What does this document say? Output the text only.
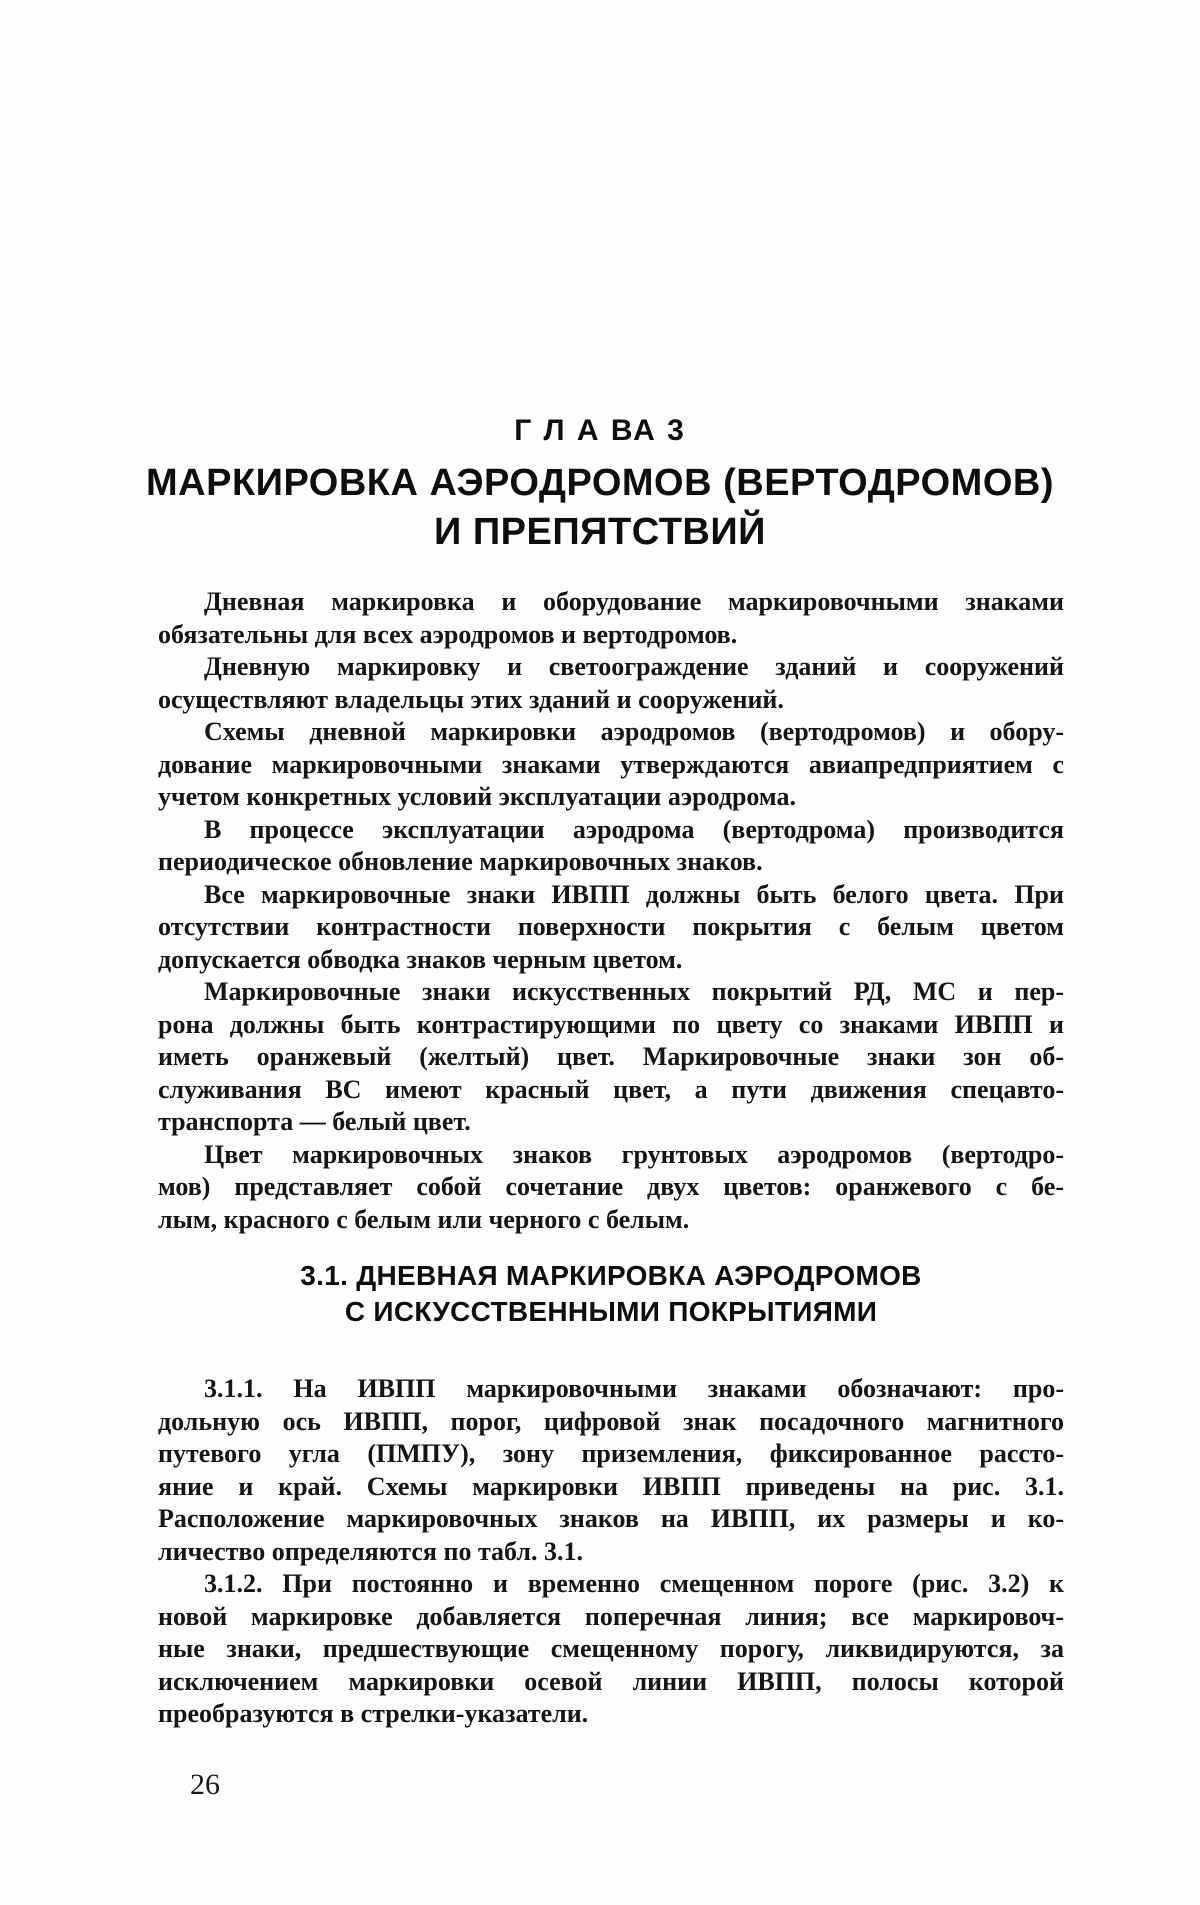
Г Л А ВА 3
МАРКИРОВКА АЭРОДРОМОВ (ВЕРТОДРОМОВ)
И ПРЕПЯТСТВИЙ
Дневная маркировка и оборудование маркировочными знаками
обязательны для всех аэродромов и вертодромов.
Дневную маркировку и светоограждение зданий и сооружений
осуществляют владельцы этих зданий и сооружений.
Схемы дневной маркировки аэродромов (вертодромов) и обору-
дование маркировочными знаками утверждаются авиапредприятием с
учетом конкретных условий эксплуатации аэродрома.
В процессе эксплуатации аэродрома (вертодрома) производится
периодическое обновление маркировочных знаков.
Все маркировочные знаки ИВПП должны быть белого цвета. При
отсутствии контрастности поверхности покрытия с белым цветом
допускается обводка знаков черным цветом.
Маркировочные знаки искусственных покрытий РД, МС и пер-
рона должны быть контрастирующими по цвету со знаками ИВПП и
иметь оранжевый (желтый) цвет. Маркировочные знаки зон об-
служивания ВС имеют красный цвет, а пути движения спецавто-
транспорта — белый цвет.
Цвет маркировочных знаков грунтовых аэродромов (вертодро-
мов) представляет собой сочетание двух цветов: оранжевого с бе-
лым, красного с белым или черного с белым.
3.1. ДНЕВНАЯ МАРКИРОВКА АЭРОДРОМОВ
С ИСКУССТВЕННЫМИ ПОКРЫТИЯМИ
3.1.1. На ИВПП маркировочными знаками обозначают: про-
дольную ось ИВПП, порог, цифровой знак посадочного магнитного
путевого угла (ПМПУ), зону приземления, фиксированное рассто-
яние и край. Схемы маркировки ИВПП приведены на рис. 3.1.
Расположение маркировочных знаков на ИВПП, их размеры и ко-
личество определяются по табл. 3.1.
3.1.2. При постоянно и временно смещенном пороге (рис. 3.2) к
новой маркировке добавляется поперечная линия; все маркировоч-
ные знаки, предшествующие смещенному порогу, ликвидируются, за
исключением маркировки осевой линии ИВПП, полосы которой
преобразуются в стрелки-указатели.
26
